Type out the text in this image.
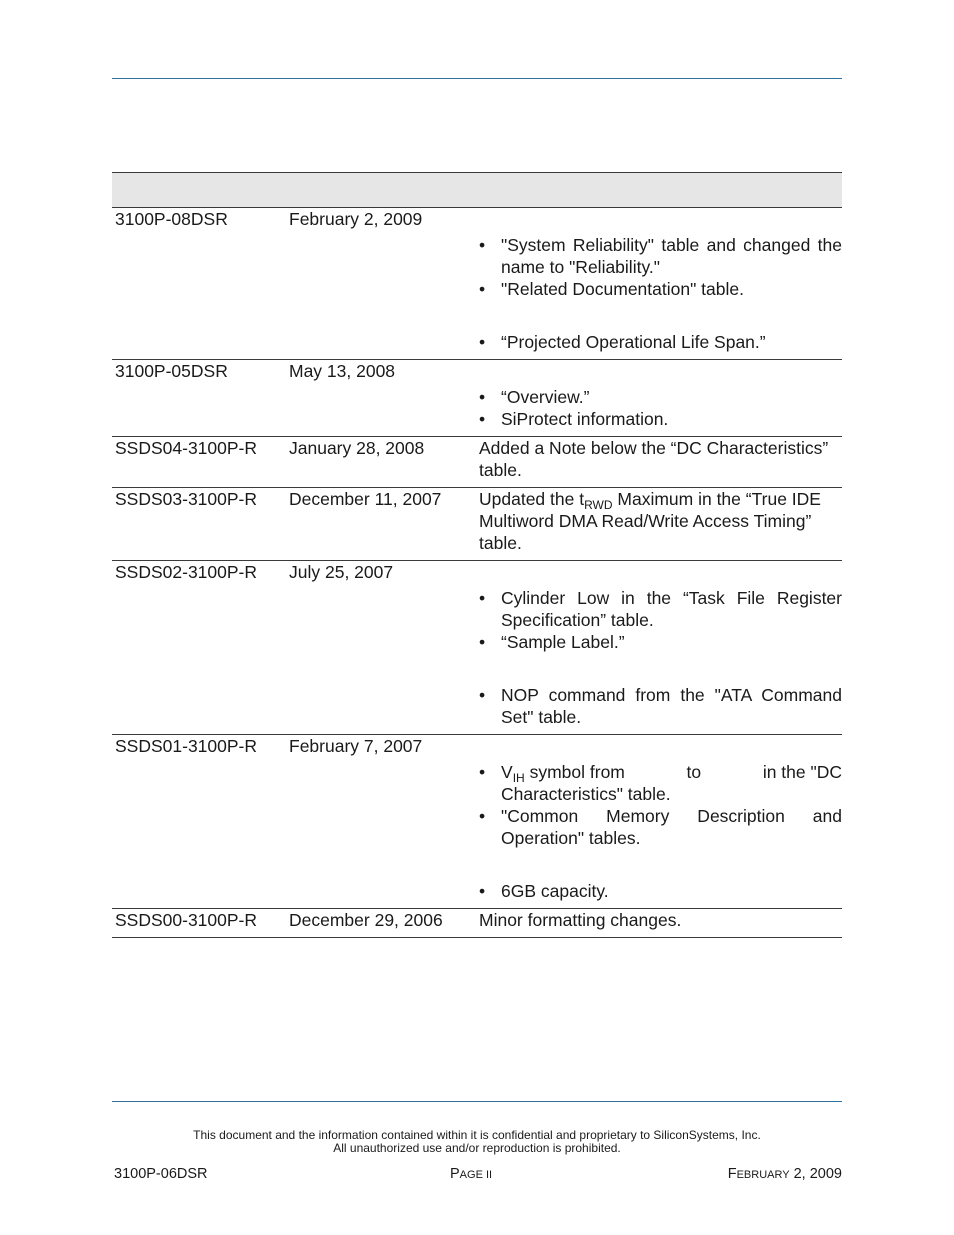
3100P-08DSR	February 2, 2009
• "System Reliability" table and changed the name to "Reliability."
• "Related Documentation" table.
• “Projected Operational Life Span.”
3100P-05DSR	May 13, 2008
• “Overview.”
• SiProtect information.
SSDS04-3100P-R	January 28, 2008	Added a Note below the “DC Characteristics” table.
SSDS03-3100P-R	December 11, 2007	Updated the $t_{RWD}$ Maximum in the “True IDE Multiword DMA Read/Write Access Timing” table.
SSDS02-3100P-R	July 25, 2007
• Cylinder Low in the “Task File Register Specification” table.
• “Sample Label.”
• NOP command from the "ATA Command Set" table.
SSDS01-3100P-R	February 7, 2007
• $V_{IH}$ symbol from	to	in the "DC
Characteristics" table.
• "Common Memory Description and Operation" tables.
• 6GB capacity.
SSDS00-3100P-R	December 29, 2006	Minor formatting changes.
This document and the information contained within it is confidential and proprietary to SiliconSystems, Inc.
All unauthorized use and/or reproduction is prohibited.
3100P-06DSR	PAGE II	FEBRUARY 2, 2009
